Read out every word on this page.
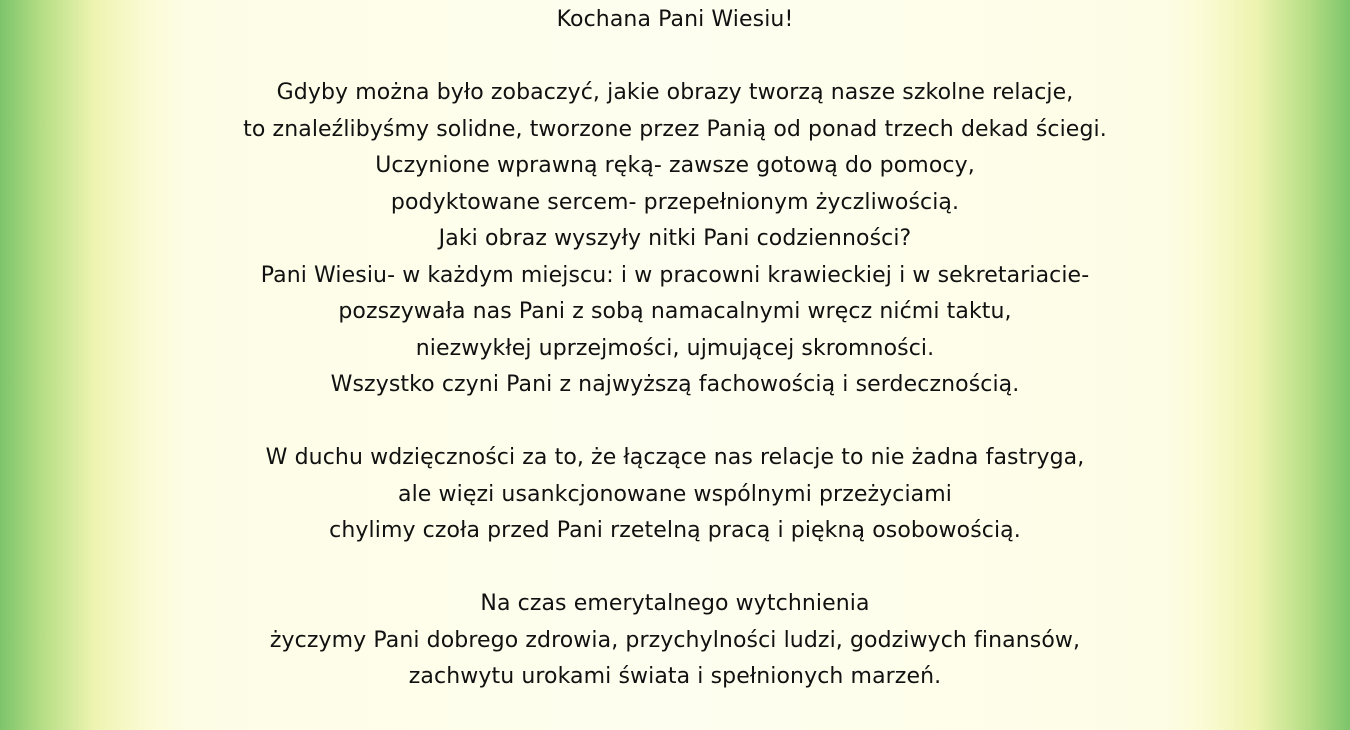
Kochana Pani Wiesiu!
Gdyby można było zobaczyć, jakie obrazy tworzą nasze szkolne relacje,
to znaleźlibyśmy solidne, tworzone przez Panią od ponad trzech dekad ściegi.
Uczynione wprawną ręką- zawsze gotową do pomocy,
podyktowane sercem- przepełnionym życzliwością.
Jaki obraz wyszyły nitki Pani codzienności?
Pani Wiesiu- w każdym miejscu: i w pracowni krawieckiej i w sekretariacie-
pozszywała nas Pani z sobą namacalnymi wręcz nićmi taktu,
niezwykłej uprzejmości, ujmującej skromności.
Wszystko czyni Pani z najwyższą fachowością i serdecznością.
W duchu wdzięczności za to, że łączące nas relacje to nie żadna fastryga,
ale więzi usankcjonowane wspólnymi przeżyciami
chylimy czoła przed Pani rzetelną pracą i piękną osobowością.
Na czas emerytalnego wytchnienia
życzymy Pani dobrego zdrowia, przychylności ludzi, godziwych finansów,
zachwytu urokami świata i spełnionych marzeń.
